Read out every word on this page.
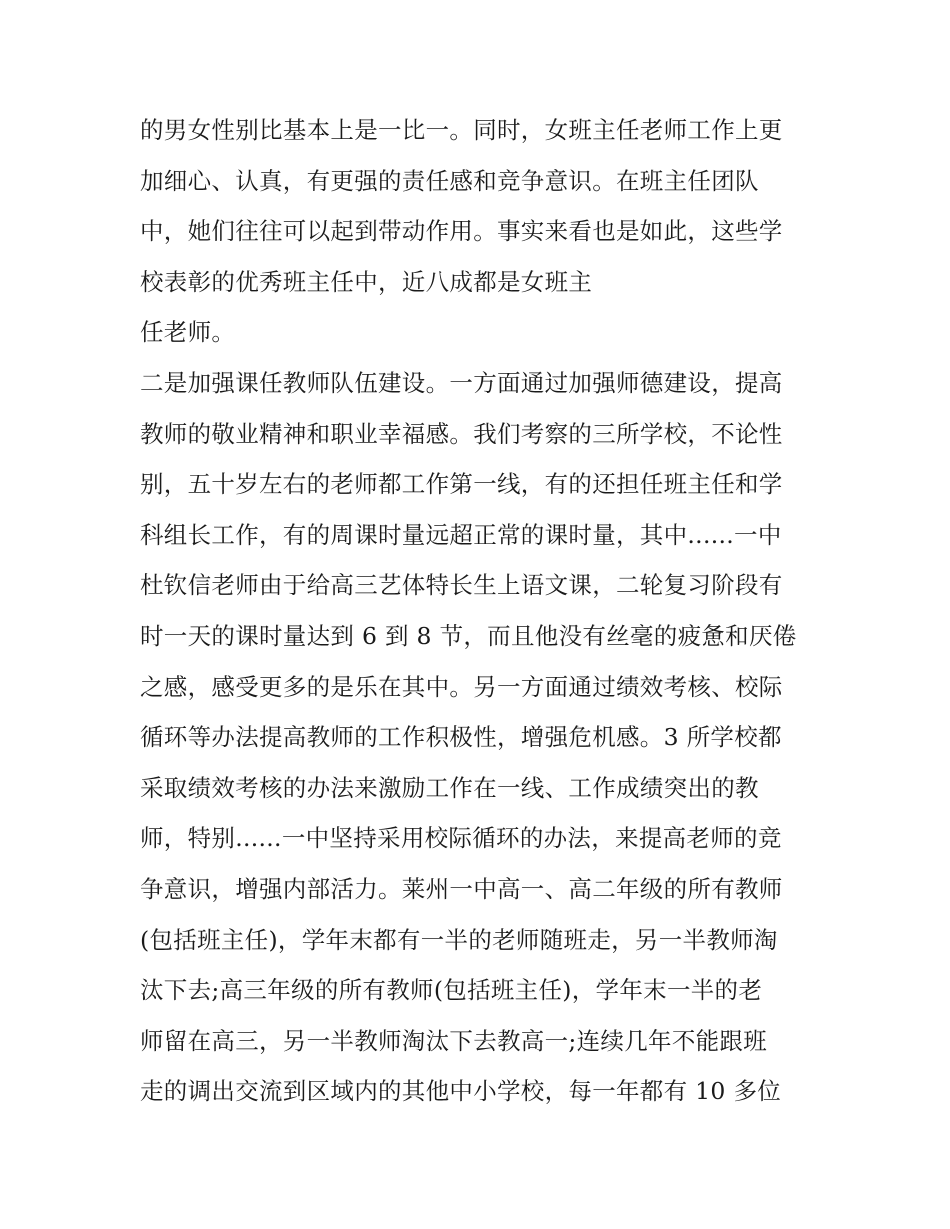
的男女性别比基本上是一比一。同时，女班主任老师工作上更
加细心、认真，有更强的责任感和竞争意识。在班主任团队
中，她们往往可以起到带动作用。事实来看也是如此，这些学
校表彰的优秀班主任中，近八成都是女班主
任老师。
二是加强课任教师队伍建设。一方面通过加强师德建设，提高
教师的敬业精神和职业幸福感。我们考察的三所学校，不论性
别，五十岁左右的老师都工作第一线，有的还担任班主任和学
科组长工作，有的周课时量远超正常的课时量，其中......一中
杜钦信老师由于给高三艺体特长生上语文课，二轮复习阶段有
时一天的课时量达到 6 到 8 节，而且他没有丝毫的疲惫和厌倦
之感，感受更多的是乐在其中。另一方面通过绩效考核、校际
循环等办法提高教师的工作积极性，增强危机感。3 所学校都
采取绩效考核的办法来激励工作在一线、工作成绩突出的教
师，特别......一中坚持采用校际循环的办法，来提高老师的竞
争意识，增强内部活力。莱州一中高一、高二年级的所有教师
(包括班主任)，学年末都有一半的老师随班走，另一半教师淘
汰下去;高三年级的所有教师(包括班主任)，学年末一半的老
师留在高三，另一半教师淘汰下去教高一;连续几年不能跟班
走的调出交流到区域内的其他中小学校，每一年都有 10 多位
